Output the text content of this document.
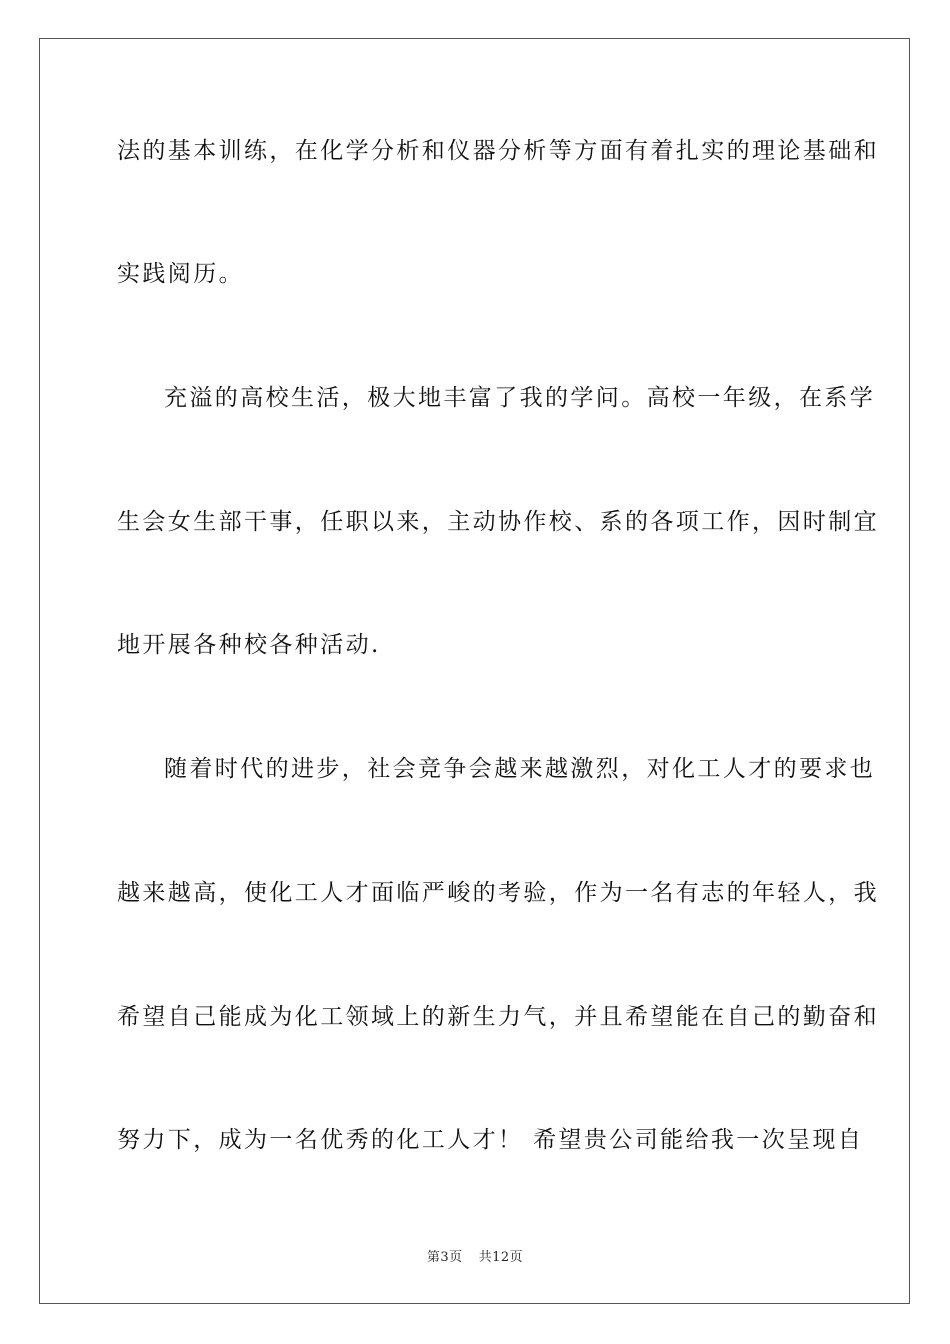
法的基本训练，在化学分析和仪器分析等方面有着扎实的理论基础和
实践阅历。
充溢的高校生活，极大地丰富了我的学问。高校一年级，在系学
生会女生部干事，任职以来，主动协作校、系的各项工作，因时制宜
地开展各种校各种活动.
随着时代的进步，社会竞争会越来越激烈，对化工人才的要求也
越来越高，使化工人才面临严峻的考验，作为一名有志的年轻人，我
希望自己能成为化工领域上的新生力气，并且希望能在自己的勤奋和
努力下，成为一名优秀的化工人才！ 希望贵公司能给我一次呈现自
第3页 共12页
